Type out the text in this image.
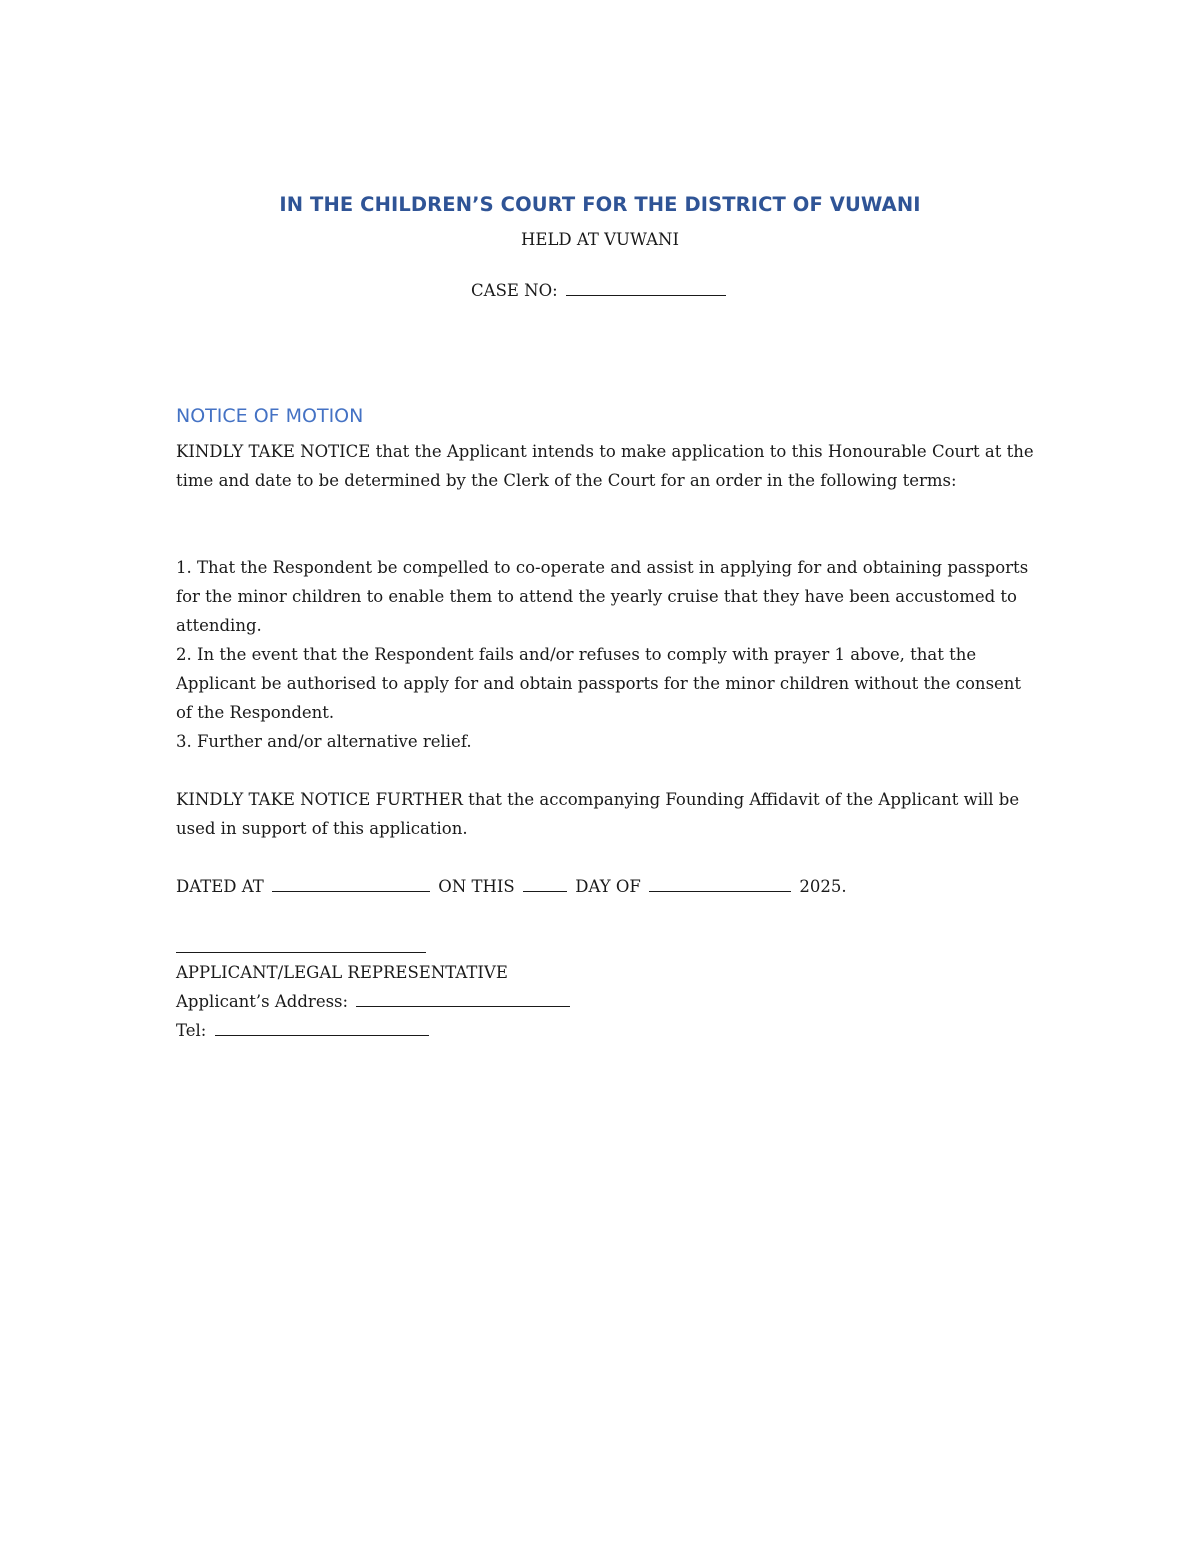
IN THE CHILDREN’S COURT FOR THE DISTRICT OF VUWANI
HELD AT VUWANI
CASE NO:
NOTICE OF MOTION

KINDLY TAKE NOTICE that the Applicant intends to make application to this Honourable Court at the time and date to be determined by the Clerk of the Court for an order in the following terms:

1. That the Respondent be compelled to co-operate and assist in applying for and obtaining passports for the minor children to enable them to attend the yearly cruise that they have been accustomed to attending.
2. In the event that the Respondent fails and/or refuses to comply with prayer 1 above, that the Applicant be authorised to apply for and obtain passports for the minor children without the consent of the Respondent.
3. Further and/or alternative relief.

KINDLY TAKE NOTICE FURTHER that the accompanying Founding Affidavit of the Applicant will be used in support of this application.

DATED AT	ON THIS	DAY OF	2025.
APPLICANT/LEGAL REPRESENTATIVE
Applicant’s Address:
Tel:
